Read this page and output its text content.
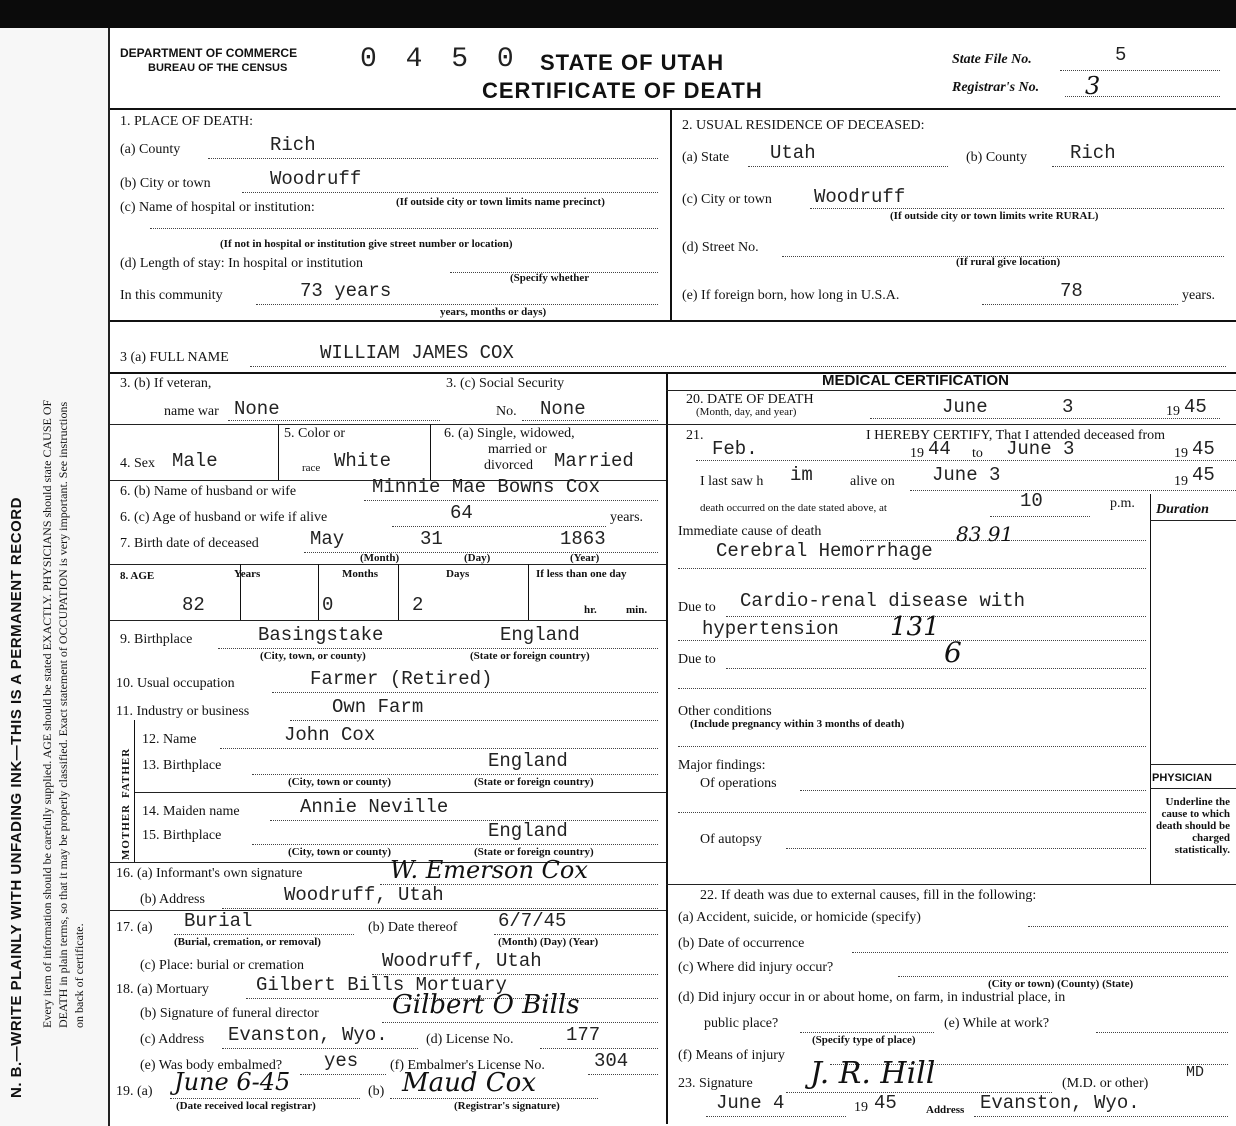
N. B.—WRITE PLAINLY WITH UNFADING INK—THIS IS A PERMANENT RECORD Every item of information should be carefully supplied. AGE should be stated EXACTLY. PHYSICIANS should state CAUSE OF DEATH in plain terms, so that it may be properly classified. Exact statement of OCCUPATION is very important. See instructions on back of certificate.
DEPARTMENT OF COMMERCE
BUREAU OF THE CENSUS	0 4 5 0 STATE OF UTAH
CERTIFICATE OF DEATH
State File No.	5
Registrar's No. 3
1. PLACE OF DEATH:
(a) County	Rich
(b) City or town	Woodruff
(c) Name of hospital or institution:	(If outside city or town limits name precinct)
(If not in hospital or institution give street number or location)
(d) Length of stay: In hospital or institution
(Specify whether
In this community	73 years
years, months or days)
2. USUAL RESIDENCE OF DECEASED:
(a) State Utah	(b) County Rich
(c) City or town Woodruff
(If outside city or town limits write RURAL)
(d) Street No.
(If rural give location)
(e) If foreign born, how long in U.S.A.	78	years.
3 (a) FULL NAME	WILLIAM JAMES COX
3. (b) If veteran,
name war None
3. (c) Social Security
No. None
4. Sex Male
5. Color or
race White
6. (a) Single, widowed,
married or
divorced Married
6. (b) Name of husband or wife	Minnie Mae Bowns Cox
6. (c) Age of husband or wife if alive	64	years.
7. Birth date of deceased	May	31	1863
(Month)	(Day)	(Year)
8. AGE	Years	Months	Days	If less than one day
82	0	2	hr.	min.
9. Birthplace	Basingstake	England
(City, town, or county)	(State or foreign country)
10. Usual occupation	Farmer (Retired)
11. Industry or business	Own Farm
FATHER
MOTHER
12. Name	John Cox
13. Birthplace	England
(City, town or county)	(State or foreign country)
14. Maiden name	Annie Neville
15. Birthplace	England
(City, town or county)	(State or foreign country)
16. (a) Informant's own signature	W. Emerson Cox
(b) Address	Woodruff, Utah
17. (a) Burial
(Burial, cremation, or removal)
(b) Date thereof 6/7/45
(Month) (Day) (Year)
(c) Place: burial or cremation	Woodruff, Utah
18. (a) Mortuary Gilbert Bills Mortuary
(b) Signature of funeral director	Gilbert O Bills
(c) Address Evanston, Wyo.	(d) License No.	177
(e) Was body embalmed? yes (f) Embalmer's License No.	304
19. (a) June 6-45
(Date received local registrar)
(b) Maud Cox
(Registrar's signature)
MEDICAL CERTIFICATION
20. DATE OF DEATH
(Month, day, and year)	June	3	19 45
21.	I HEREBY CERTIFY, That I attended deceased from
Feb.	19 44 to June 3	19 45
I last saw h im	alive on June 3	19 45
death occurred on the date stated above, at	10	p.m. Duration
Immediate cause of death
Cerebral Hemorrhage
83 91
Due to Cardio-renal disease with
hypertension 131
Due to	6
Other conditions
(Include pregnancy within 3 months of death)
Major findings:
Of operations
Of autopsy
PHYSICIAN
Underline the cause to which death should be charged statistically.
22. If death was due to external causes, fill in the following:
(a) Accident, suicide, or homicide (specify)
(b) Date of occurrence
(c) Where did injury occur?
(City or town) (County) (State)
(d) Did injury occur in or about home, on farm, in industrial place, in
public place?
(Specify type of place)
(e) While at work?
(f) Means of injury
23. Signature J. R. Hill	(M.D. or other)
MD
June 4	19 45	Address Evanston, Wyo.
